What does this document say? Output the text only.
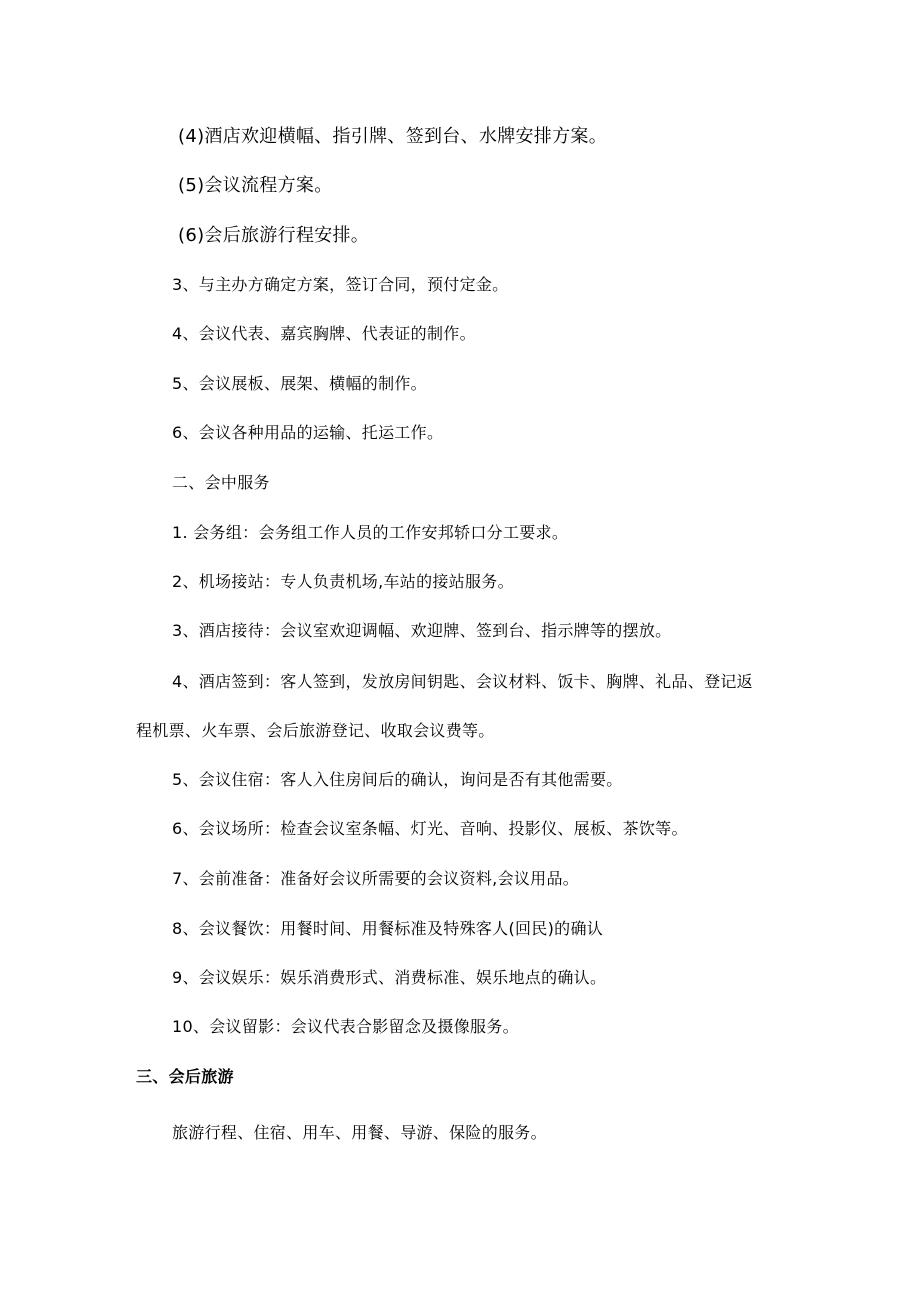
(4)酒店欢迎横幅、指引牌、签到台、水牌安排方案。
(5)会议流程方案。
(6)会后旅游行程安排。
3、与主办方确定方案，签订合同，预付定金。
4、会议代表、嘉宾胸牌、代表证的制作。
5、会议展板、展架、横幅的制作。
6、会议各种用品的运输、托运工作。
二、会中服务
1. 会务组：会务组工作人员的工作安邦轿口分工要求。
2、机场接站：专人负责机场,车站的接站服务。
3、酒店接待：会议室欢迎调幅、欢迎牌、签到台、指示牌等的摆放。
4、酒店签到：客人签到，发放房间钥匙、会议材料、饭卡、胸牌、礼品、登记返
程机票、火车票、会后旅游登记、收取会议费等。
5、会议住宿：客人入住房间后的确认，询问是否有其他需要。
6、会议场所：检查会议室条幅、灯光、音响、投影仪、展板、茶饮等。
7、会前准备：准备好会议所需要的会议资料,会议用品。
8、会议餐饮：用餐时间、用餐标准及特殊客人(回民)的确认
9、会议娱乐：娱乐消费形式、消费标准、娱乐地点的确认。
10、会议留影：会议代表合影留念及摄像服务。
三、会后旅游
旅游行程、住宿、用车、用餐、导游、保险的服务。
